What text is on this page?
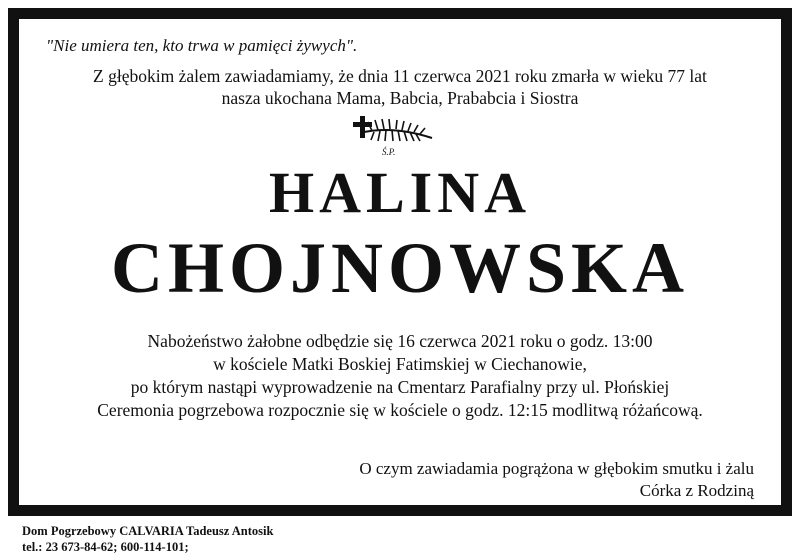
"Nie umiera ten, kto trwa w pamięci żywych".
Z głębokim żalem zawiadamiamy, że dnia 11 czerwca 2021 roku zmarła w wieku 77 lat
nasza ukochana Mama, Babcia, Prababcia i Siostra
Ś.P.
HALINA
CHOJNOWSKA
Nabożeństwo żałobne odbędzie się 16 czerwca 2021 roku o godz. 13:00
w kościele Matki Boskiej Fatimskiej w Ciechanowie,
po którym nastąpi wyprowadzenie na Cmentarz Parafialny przy ul. Płońskiej
Ceremonia pogrzebowa rozpocznie się w kościele o godz. 12:15 modlitwą różańcową.
O czym zawiadamia pogrążona w głębokim smutku i żalu
Córka z Rodziną
Dom Pogrzebowy CALVARIA Tadeusz Antosik
tel.: 23 673-84-62; 600-114-101;
